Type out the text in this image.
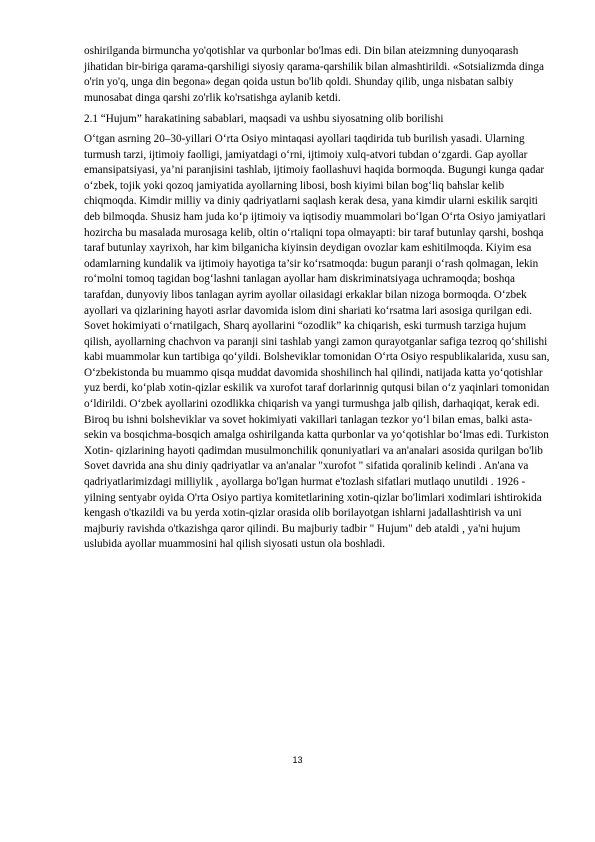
oshirilganda birmuncha yo'qotishlar va qurbonlar bo'lmas edi. Din bilan ateizmning dunyoqarash jihatidan bir-biriga qarama-qarshiligi siyosiy qarama-qarshilik bilan almashtirildi. «Sotsializmda dinga o'rin yo'q, unga din begona» degan qoida ustun bo'lib qoldi. Shunday qilib, unga nisbatan salbiy munosabat dinga qarshi zo'rlik ko'rsatishga aylanib ketdi.

2.1 “Hujum” harakatining sabablari, maqsadi va ushbu siyosatning olib borilishi

O‘tgan asrning 20–30-yillari O‘rta Osiyo mintaqasi ayollari taqdirida tub burilish yasadi. Ularning turmush tarzi, ijtimoiy faolligi, jamiyatdagi o‘rni, ijtimoiy xulq-atvori tubdan o‘zgardi. Gap ayollar emansipatsiyasi, ya’ni paranjisini tashlab, ijtimoiy faollashuvi haqida bormoqda. Bugungi kunga qadar o‘zbek, tojik yoki qozoq jamiyatida ayollarning libosi, bosh kiyimi bilan bog‘liq bahslar kelib chiqmoqda. Kimdir milliy va diniy qadriyatlarni saqlash kerak desa, yana kimdir ularni eskilik sarqiti deb bilmoqda. Shusiz ham juda ko‘p ijtimoiy va iqtisodiy muammolari bo‘lgan O‘rta Osiyo jamiyatlari hozircha bu masalada murosaga kelib, oltin o‘rtaliqni topa olmayapti: bir taraf butunlay qarshi, boshqa taraf butunlay xayrixoh, har kim bilganicha kiyinsin deydigan ovozlar kam eshitilmoqda. Kiyim esa odamlarning kundalik va ijtimoiy hayotiga ta’sir ko‘rsatmoqda: bugun paranji o‘rash qolmagan, lekin ro‘molni tomoq tagidan bog‘lashni tanlagan ayollar ham diskriminatsiyaga uchramoqda; boshqa tarafdan, dunyoviy libos tanlagan ayrim ayollar oilasidagi erkaklar bilan nizoga bormoqda. O‘zbek ayollari va qizlarining hayoti asrlar davomida islom dini shariati ko‘rsatma lari asosiga qurilgan edi. Sovet hokimiyati o‘rnatilgach, Sharq ayollarini “ozodlik” ka chiqarish, eski turmush tarziga hujum qilish, ayollarning chachvon va paranji sini tashlab yangi zamon qurayotganlar safiga tezroq qo‘shilishi kabi muammolar kun tartibiga qo‘yildi. Bolsheviklar tomonidan O‘rta Osiyo respublikalarida, xusu san, O‘zbekistonda bu muammo qisqa muddat davomida shoshilinch hal qilindi, natijada katta yo‘qotishlar yuz berdi, ko‘plab xotin-qizlar eskilik va xurofot taraf dorlarinnig qutqusi bilan o‘z yaqinlari tomonidan o‘ldirildi. O‘zbek ayollarini ozodlikka chiqarish va yangi turmushga jalb qilish, darhaqiqat, kerak edi. Biroq bu ishni bolsheviklar va sovet hokimiyati vakillari tanlagan tezkor yo‘l bilan emas, balki asta-sekin va bosqichma-bosqich amalga oshirilganda katta qurbonlar va yo‘qotishlar bo‘lmas edi. Turkiston Xotin- qizlarining hayoti qadimdan musulmonchilik qonuniyatlari va an'analari asosida qurilgan bo'lib Sovet davrida ana shu diniy qadriyatlar va an'analar "xurofot " sifatida qoralinib kelindi . An'ana va qadriyatlarimizdagi milliylik , ayollarga bo'lgan hurmat e'tozlash sifatlari mutlaqo unutildi . 1926 - yilning sentyabr oyida O'rta Osiyo partiya komitetlarining xotin-qizlar bo'limlari xodimlari ishtirokida kengash o'tkazildi va bu yerda xotin-qizlar orasida olib borilayotgan ishlarni jadallashtirish va uni majburiy ravishda o'tkazishga qaror qilindi. Bu majburiy tadbir " Hujum" deb ataldi , ya'ni hujum uslubida ayollar muammosini hal qilish siyosati ustun ola boshladi.

13
